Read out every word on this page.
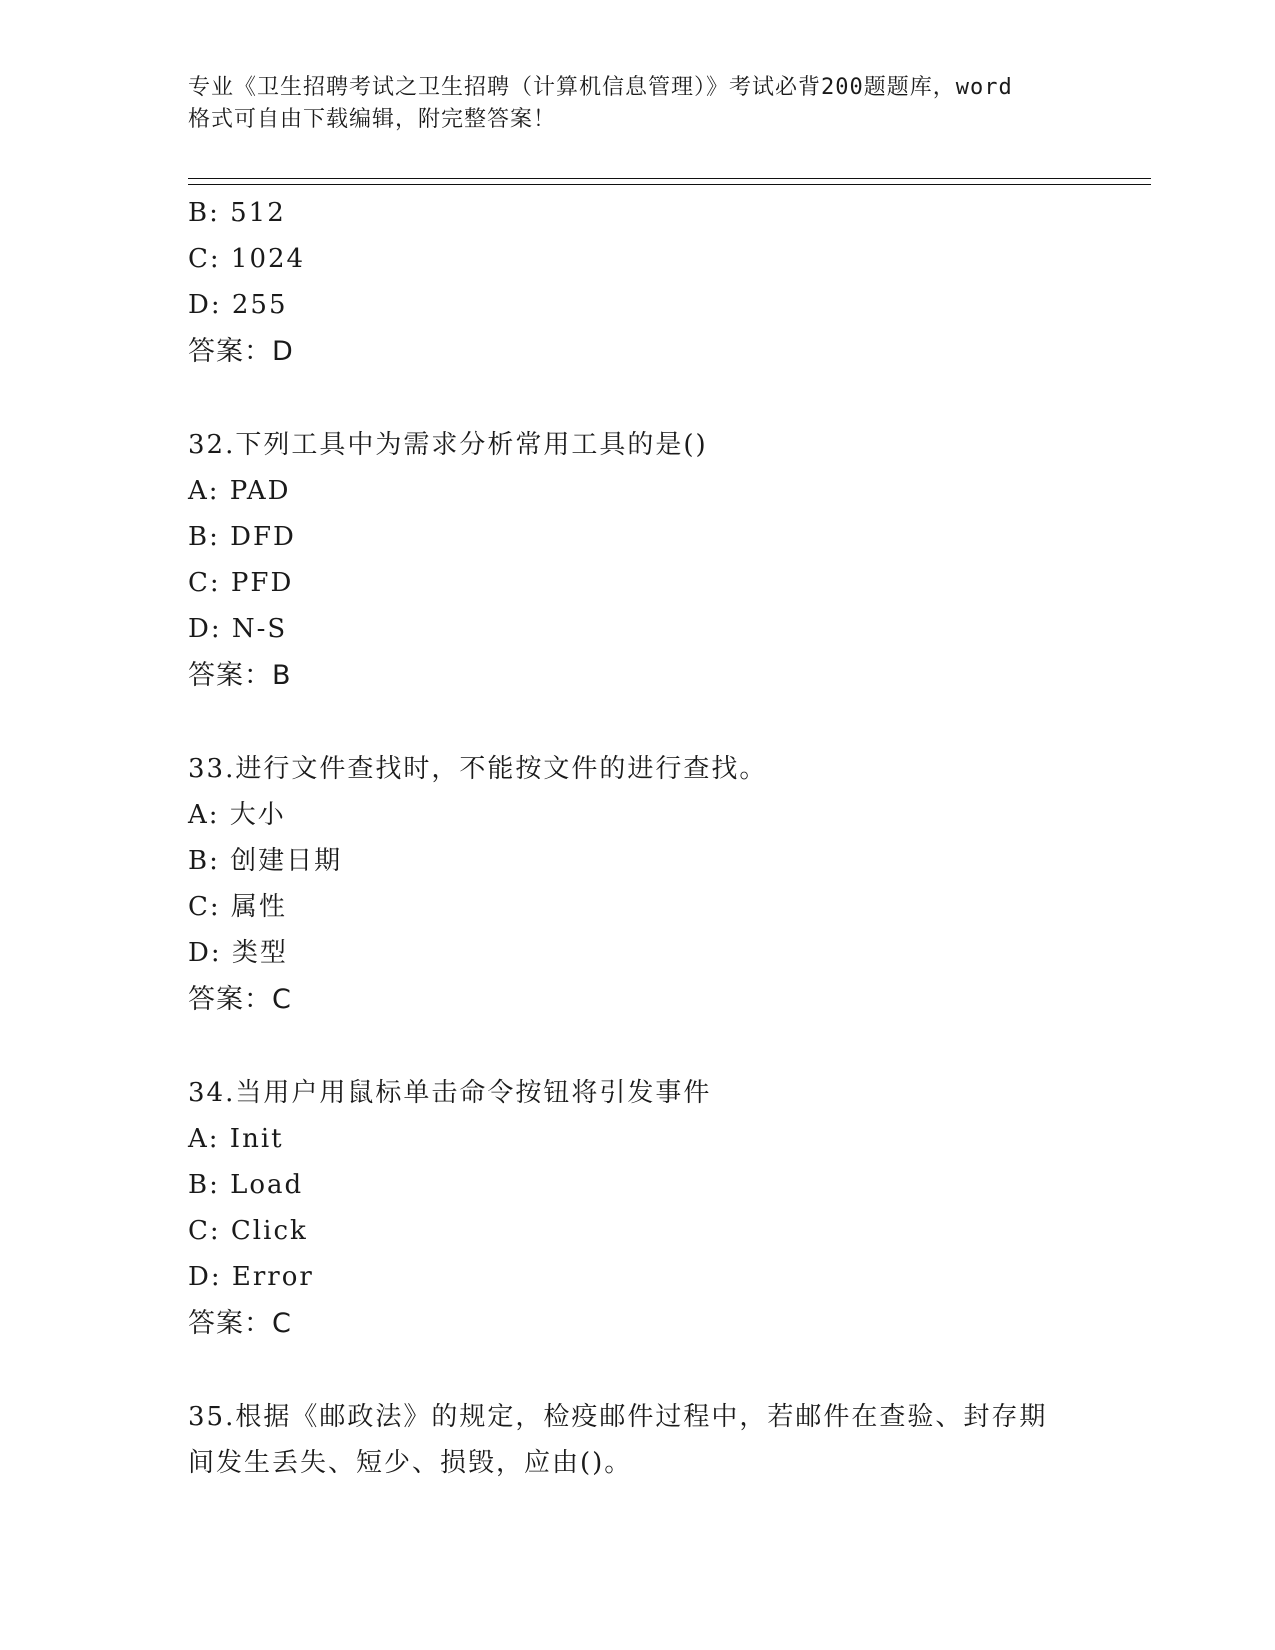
专业《卫生招聘考试之卫生招聘（计算机信息管理）》考试必背200题题库，word
格式可自由下载编辑，附完整答案！
B: 512
C: 1024
D: 255
答案：D
32.下列工具中为需求分析常用工具的是()
A: PAD
B: DFD
C: PFD
D: N-S
答案：B
33.进行文件查找时，不能按文件的进行查找。
A: 大小
B: 创建日期
C: 属性
D: 类型
答案：C
34.当用户用鼠标单击命令按钮将引发事件
A: Init
B: Load
C: Click
D: Error
答案：C
35.根据《邮政法》的规定，检疫邮件过程中，若邮件在查验、封存期
间发生丢失、短少、损毁，应由()。
